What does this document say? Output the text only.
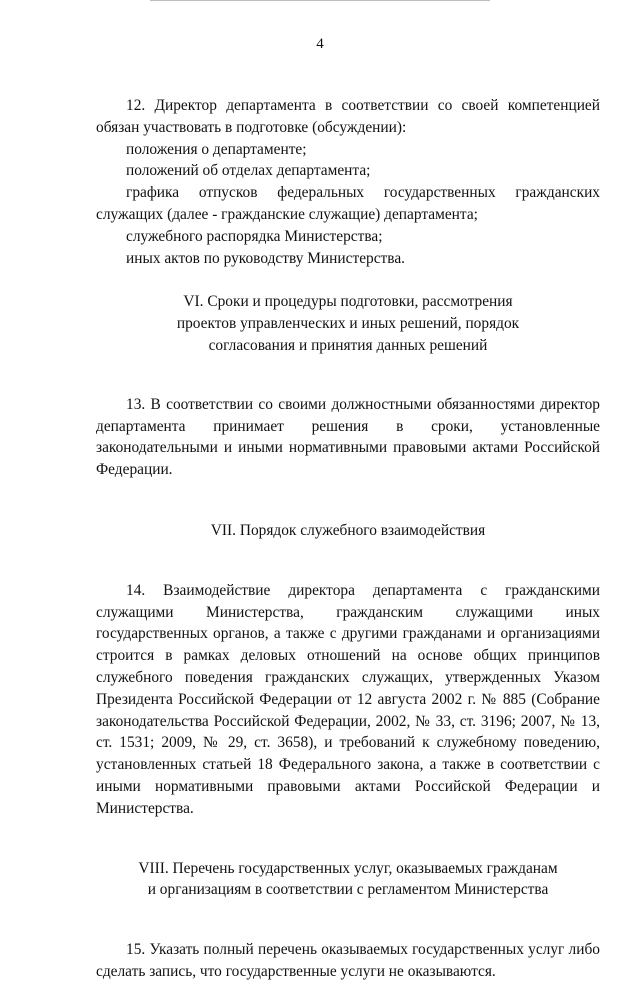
4

12. Директор департамента в соответствии со своей компетенцией обязан участвовать в подготовке (обсуждении):

положения о департаменте;

положений об отделах департамента;

графика отпусков федеральных государственных гражданских служащих (далее - гражданские служащие) департамента;

служебного распорядка Министерства;

иных актов по руководству Министерства.

VI. Сроки и процедуры подготовки, рассмотрения

проектов управленческих и иных решений, порядок

согласования и принятия данных решений

13. В соответствии со своими должностными обязанностями директор департамента принимает решения в сроки, установленные законодательными и иными нормативными правовыми актами Российской Федерации.

VII. Порядок служебного взаимодействия

14. Взаимодействие директора департамента с гражданскими служащими Министерства, гражданским служащими иных государственных органов, а также с другими гражданами и организациями строится в рамках деловых отношений на основе общих принципов служебного поведения гражданских служащих, утвержденных Указом Президента Российской Федерации от 12 августа 2002 г. № 885 (Собрание законодательства Российской Федерации, 2002, № 33, ст. 3196; 2007, № 13, ст. 1531; 2009, № 29, ст. 3658), и требований к служебному поведению, установленных статьей 18 Федерального закона, а также в соответствии с иными нормативными правовыми актами Российской Федерации и Министерства.

VIII. Перечень государственных услуг, оказываемых гражданам

и организациям в соответствии с регламентом Министерства

15. Указать полный перечень оказываемых государственных услуг либо сделать запись, что государственные услуги не оказываются.
